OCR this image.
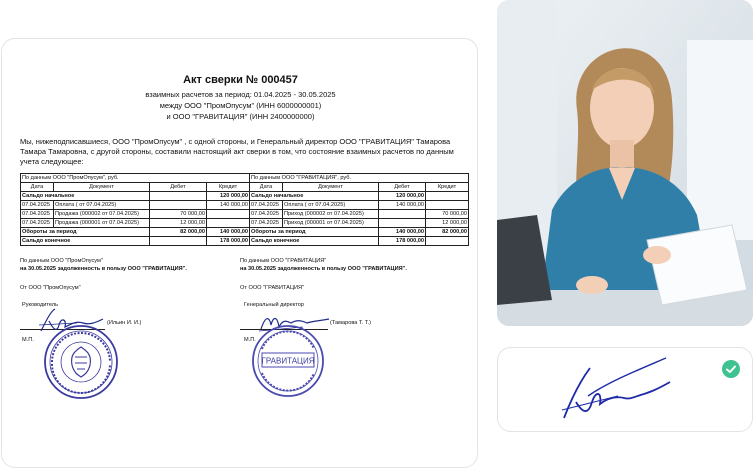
Акт сверки № 000457
взаимных расчетов за период: 01.04.2025 - 30.05.2025
между ООО "ПромОпусум" (ИНН 6000000001)
и ООО "ГРАВИТАЦИЯ" (ИНН 2400000000)
Мы, нижеподписавшиеся, ООО "ПромОпусум" , с одной стороны, и Генеральный директор ООО "ГРАВИТАЦИЯ" Тамарова Тамара Тамаровна, с другой стороны, составили настоящий акт сверки в том, что состояние взаимных расчетов по данным учета следующее:
По данным ООО "ПромОпусум", руб.				По данным ООО "ГРАВИТАЦИЯ", руб.			
Дата	Документ	Дебет	Кредит	Дата	Документ	Дебет	Кредит
Сальдо начальное			120 000,00	Сальдо начальное		120 000,00	
07.04.2025	Оплата ( от 07.04.2025)		140 000,00	07.04.2025	Оплата ( от 07.04.2025)	140 000,00	
07.04.2025	Продажа (000002 от 07.04.2025)	70 000,00		07.04.2025	Приход (000002 от 07.04.2025)		70 000,00
07.04.2025	Продажа (000001 от 07.04.2025)	12 000,00		07.04.2025	Приход (000001 от 07.04.2025)		12 000,00
Обороты за период		82 000,00	140 000,00	Обороты за период		140 000,00	82 000,00
Сальдо конечное			178 000,00	Сальдо конечное		178 000,00	
По данным ООО "ПромОпусум"
на 30.05.2025 задолженность в пользу ООО "ГРАВИТАЦИЯ".
По данным ООО "ГРАВИТАЦИЯ"
на 30.05.2025 задолженность в пользу ООО "ГРАВИТАЦИЯ".
От ООО "ПромОпусум"	От ООО "ГРАВИТАЦИЯ"
Руководитель	Генеральный директор
(Ильин И. И.)	(Тамарова Т. Т.)
М.П.	М.П.
ГРАВИТАЦИЯ
